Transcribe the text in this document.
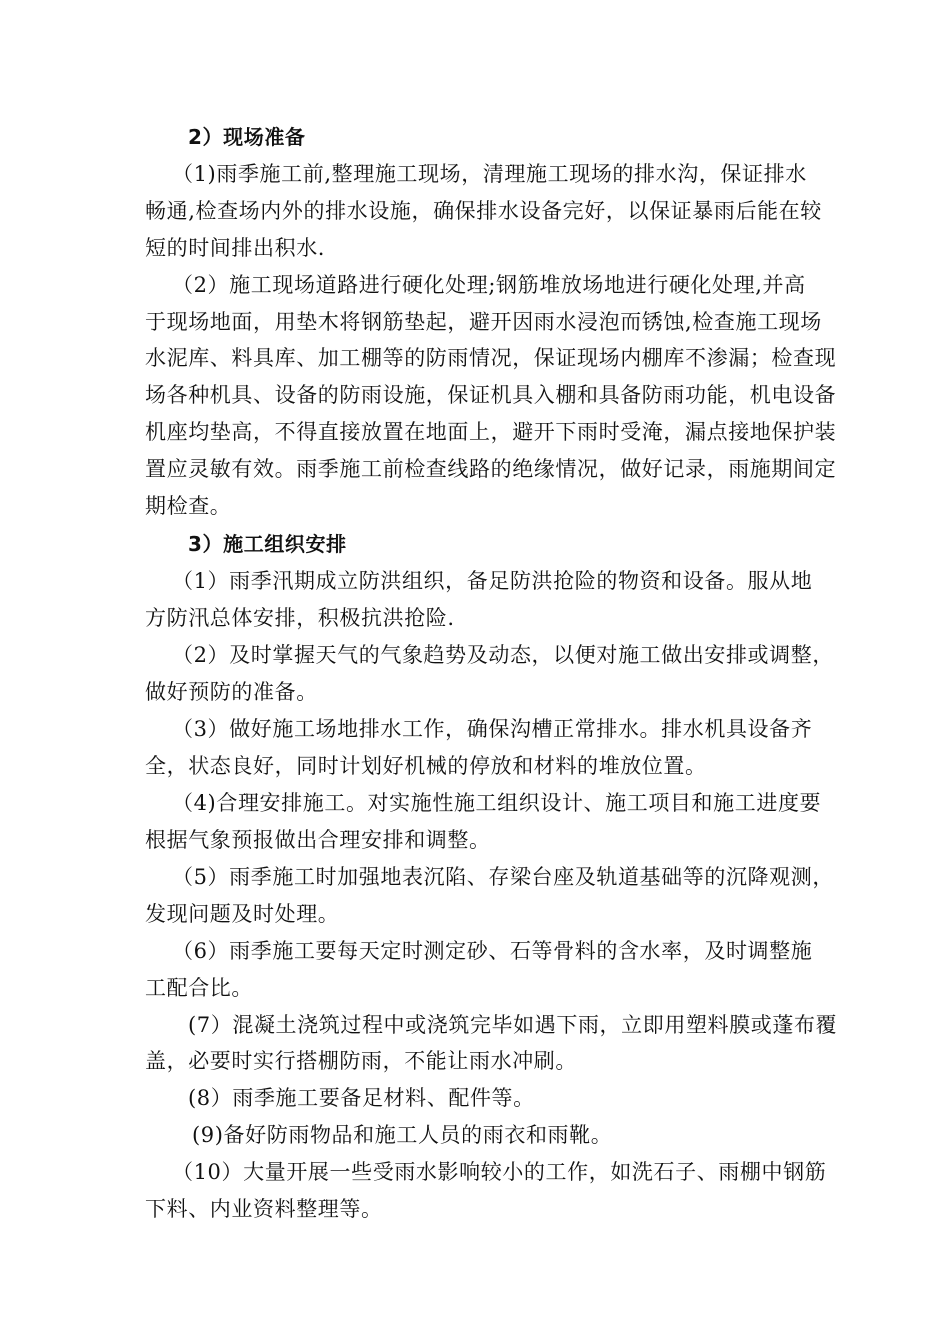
2）现场准备
（1)雨季施工前,整理施工现场，清理施工现场的排水沟，保证排水
畅通,检查场内外的排水设施，确保排水设备完好，以保证暴雨后能在较
短的时间排出积水.
（2）施工现场道路进行硬化处理;钢筋堆放场地进行硬化处理,并高
于现场地面，用垫木将钢筋垫起，避开因雨水浸泡而锈蚀,检查施工现场
水泥库、料具库、加工棚等的防雨情况，保证现场内棚库不渗漏；检查现
场各种机具、设备的防雨设施，保证机具入棚和具备防雨功能，机电设备
机座均垫高，不得直接放置在地面上，避开下雨时受淹，漏点接地保护装
置应灵敏有效。雨季施工前检查线路的绝缘情况，做好记录，雨施期间定
期检查。
3）施工组织安排
（1）雨季汛期成立防洪组织，备足防洪抢险的物资和设备。服从地
方防汛总体安排，积极抗洪抢险.
（2）及时掌握天气的气象趋势及动态，以便对施工做出安排或调整，
做好预防的准备。
（3）做好施工场地排水工作，确保沟槽正常排水。排水机具设备齐
全，状态良好，同时计划好机械的停放和材料的堆放位置。
（4)合理安排施工。对实施性施工组织设计、施工项目和施工进度要
根据气象预报做出合理安排和调整。
（5）雨季施工时加强地表沉陷、存梁台座及轨道基础等的沉降观测，
发现问题及时处理。
（6）雨季施工要每天定时测定砂、石等骨料的含水率，及时调整施
工配合比。
(7）混凝土浇筑过程中或浇筑完毕如遇下雨，立即用塑料膜或蓬布覆
盖，必要时实行搭棚防雨，不能让雨水冲刷。
(8）雨季施工要备足材料、配件等。
(9)备好防雨物品和施工人员的雨衣和雨靴。
（10）大量开展一些受雨水影响较小的工作，如洗石子、雨棚中钢筋
下料、内业资料整理等。
